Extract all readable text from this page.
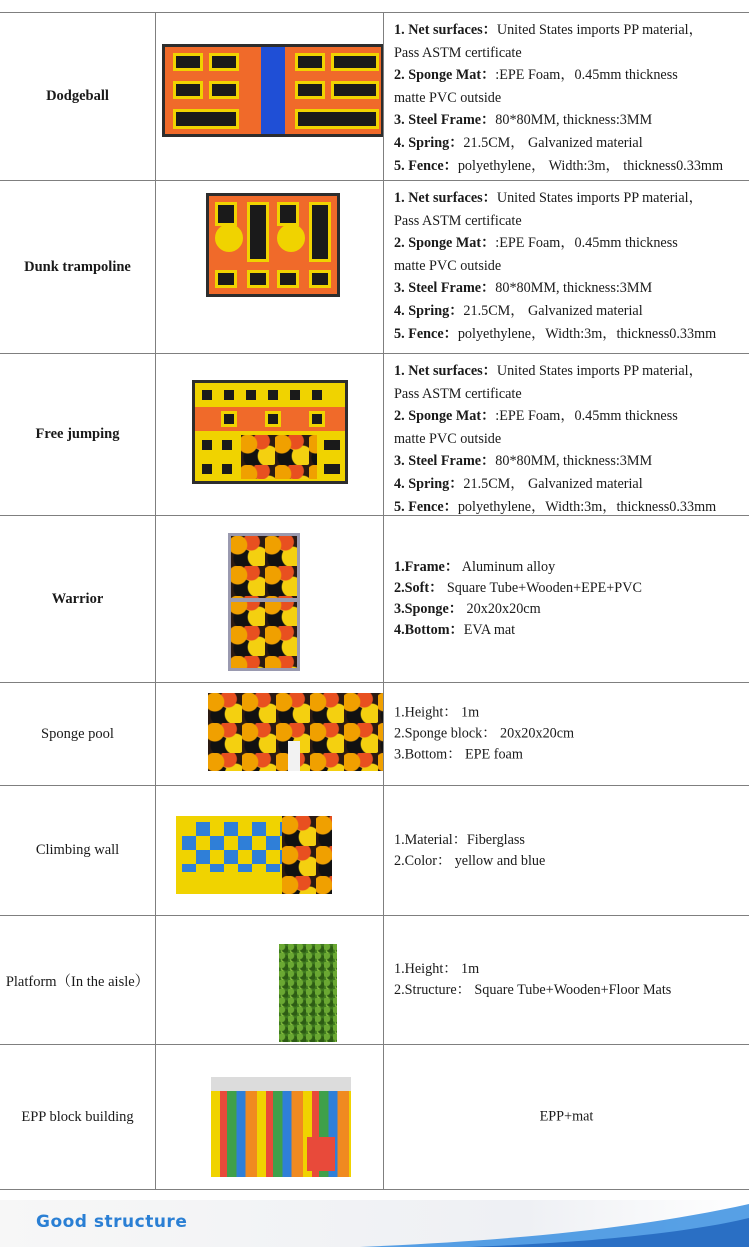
Dodgeball
1. Net surfaces：United States imports PP material，
Pass ASTM certificate
2. Sponge Mat：:EPE Foam，0.45mm thickness
matte PVC outside
3. Steel Frame：80*80MM, thickness:3MM
4. Spring：21.5CM， Galvanized material
5. Fence：polyethylene， Width:3m， thickness0.33mm
Dunk trampoline
1. Net surfaces：United States imports PP material，
Pass ASTM certificate
2. Sponge Mat：:EPE Foam，0.45mm thickness
matte PVC outside
3. Steel Frame：80*80MM, thickness:3MM
4. Spring：21.5CM， Galvanized material
5. Fence：polyethylene，Width:3m，thickness0.33mm
Free jumping
1. Net surfaces：United States imports PP material，
Pass ASTM certificate
2. Sponge Mat：:EPE Foam，0.45mm thickness
matte PVC outside
3. Steel Frame：80*80MM, thickness:3MM
4. Spring：21.5CM， Galvanized material
5. Fence：polyethylene，Width:3m，thickness0.33mm
Warrior
1.Frame： Aluminum alloy
2.Soft： Square Tube+Wooden+EPE+PVC
3.Sponge： 20x20x20cm
4.Bottom：EVA mat
Sponge pool
1.Height： 1m
2.Sponge block： 20x20x20cm
3.Bottom： EPE foam
Climbing wall
1.Material：Fiberglass
2.Color： yellow and blue
Platform（In the aisle）
1.Height： 1m
2.Structure： Square Tube+Wooden+Floor Mats
EPP block building	EPP+mat
Good structure
